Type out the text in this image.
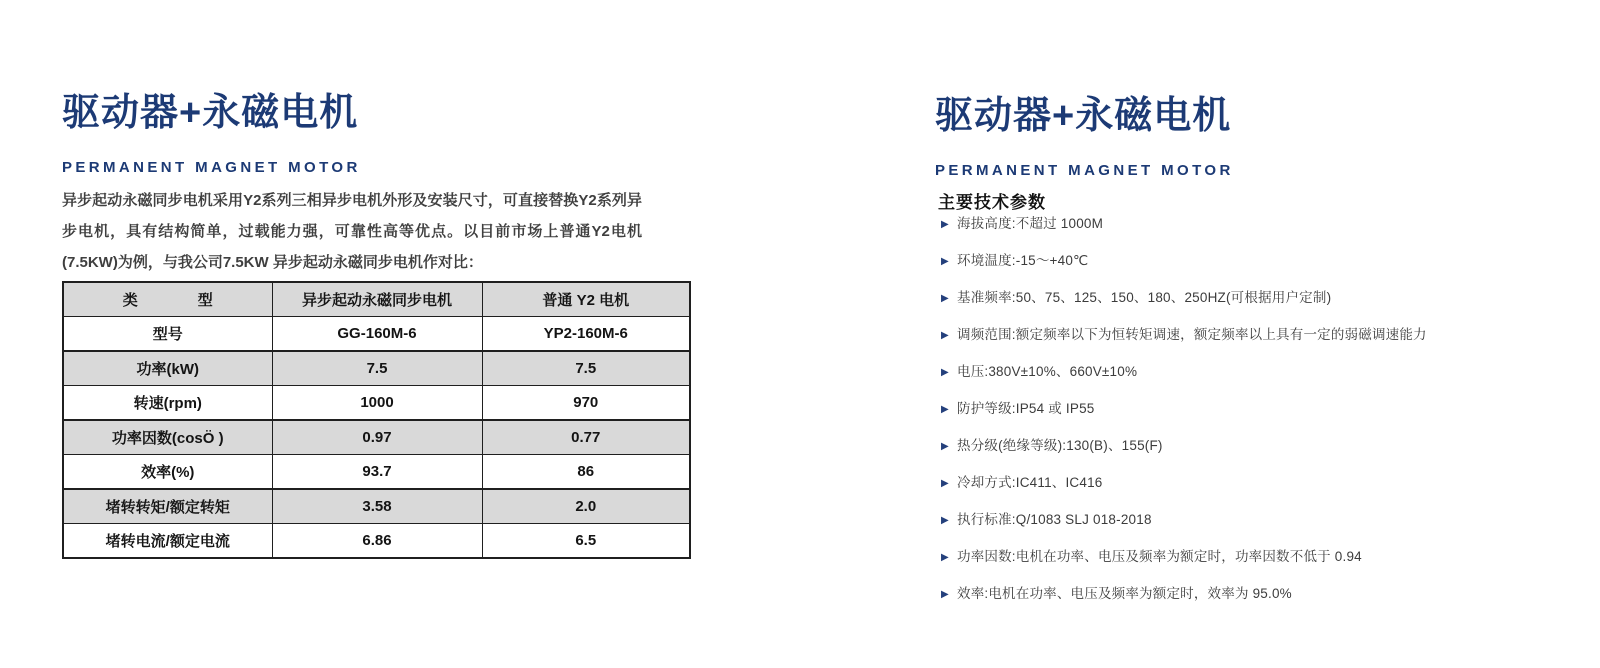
驱动器+永磁电机
PERMANENT MAGNET MOTOR

异步起动永磁同步电机采用Y2系列三相异步电机外形及安装尺寸，可直接替换Y2系列异步电机，具有结构简单，过载能力强，可靠性高等优点。以目前市场上普通Y2电机(7.5KW)为例，与我公司7.5KW 异步起动永磁同步电机作对比：

类　　　　型	异步起动永磁同步电机	普通 Y2 电机
型号	GG-160M-6	YP2-160M-6
功率(kW)	7.5	7.5
转速(rpm)	1000	970
功率因数(cosÖ )	0.97	0.77
效率(%)	93.7	86
堵转转矩/额定转矩	3.58	2.0
堵转电流/额定电流	6.86	6.5
驱动器+永磁电机
PERMANENT MAGNET MOTOR
主要技术参数
▶ 海拔高度:不超过 1000M
▶ 环境温度:-15～+40℃
▶ 基准频率:50、75、125、150、180、250HZ(可根据用户定制)
▶ 调频范围:额定频率以下为恒转矩调速，额定频率以上具有一定的弱磁调速能力
▶ 电压:380V±10%、660V±10%
▶ 防护等级:IP54 或 IP55
▶ 热分级(绝缘等级):130(B)、155(F)
▶ 冷却方式:IC411、IC416
▶ 执行标准:Q/1083 SLJ 018-2018
▶ 功率因数:电机在功率、电压及频率为额定时，功率因数不低于 0.94
▶ 效率:电机在功率、电压及频率为额定时，效率为 95.0%
